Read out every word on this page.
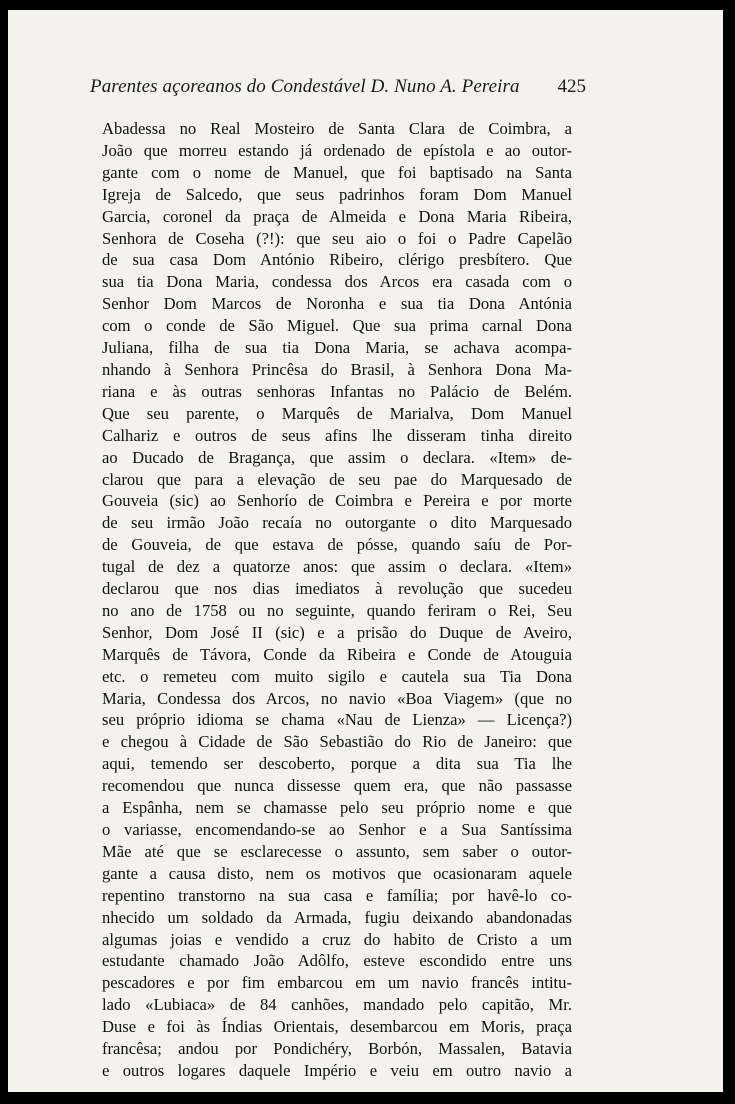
Parentes açoreanos do Condestável D. Nuno A. Pereira 425
Abadessa no Real Mosteiro de Santa Clara de Coimbra, a
João que morreu estando já ordenado de epístola e ao outor-
gante com o nome de Manuel, que foi baptisado na Santa
Igreja de Salcedo, que seus padrinhos foram Dom Manuel
Garcia, coronel da praça de Almeida e Dona Maria Ribeira,
Senhora de Coseha (?!): que seu aio o foi o Padre Capelão
de sua casa Dom António Ribeiro, clérigo presbítero. Que
sua tia Dona Maria, condessa dos Arcos era casada com o
Senhor Dom Marcos de Noronha e sua tia Dona Antónia
com o conde de São Miguel. Que sua prima carnal Dona
Juliana, filha de sua tia Dona Maria, se achava acompa-
nhando à Senhora Princêsa do Brasil, à Senhora Dona Ma-
riana e às outras senhoras Infantas no Palácio de Belém.
Que seu parente, o Marquês de Marialva, Dom Manuel
Calhariz e outros de seus afins lhe disseram tinha direito
ao Ducado de Bragança, que assim o declara. «Item» de-
clarou que para a elevação de seu pae do Marquesado de
Gouveia (sic) ao Senhorío de Coimbra e Pereira e por morte
de seu irmão João recaía no outorgante o dito Marquesado
de Gouveia, de que estava de pósse, quando saíu de Por-
tugal de dez a quatorze anos: que assim o declara. «Item»
declarou que nos dias imediatos à revolução que sucedeu
no ano de 1758 ou no seguinte, quando feriram o Rei, Seu
Senhor, Dom José II (sic) e a prisão do Duque de Aveiro,
Marquês de Távora, Conde da Ribeira e Conde de Atouguia
etc. o remeteu com muito sigilo e cautela sua Tia Dona
Maria, Condessa dos Arcos, no navio «Boa Viagem» (que no
seu próprio idioma se chama «Nau de Lienza» — Licença?)
e chegou à Cidade de São Sebastião do Rio de Janeiro: que
aqui, temendo ser descoberto, porque a dita sua Tia lhe
recomendou que nunca dissesse quem era, que não passasse
a Espânha, nem se chamasse pelo seu próprio nome e que
o variasse, encomendando-se ao Senhor e a Sua Santíssima
Mãe até que se esclarecesse o assunto, sem saber o outor-
gante a causa disto, nem os motivos que ocasionaram aquele
repentino transtorno na sua casa e família; por havê-lo co-
nhecido um soldado da Armada, fugiu deixando abandonadas
algumas joias e vendido a cruz do habito de Cristo a um
estudante chamado João Adôlfo, esteve escondido entre uns
pescadores e por fim embarcou em um navio francês intitu-
lado «Lubiaca» de 84 canhões, mandado pelo capitão, Mr.
Duse e foi às Índias Orientais, desembarcou em Moris, praça
francêsa; andou por Pondichéry, Borbón, Massalen, Batavia
e outros logares daquele Império e veiu em outro navio a
